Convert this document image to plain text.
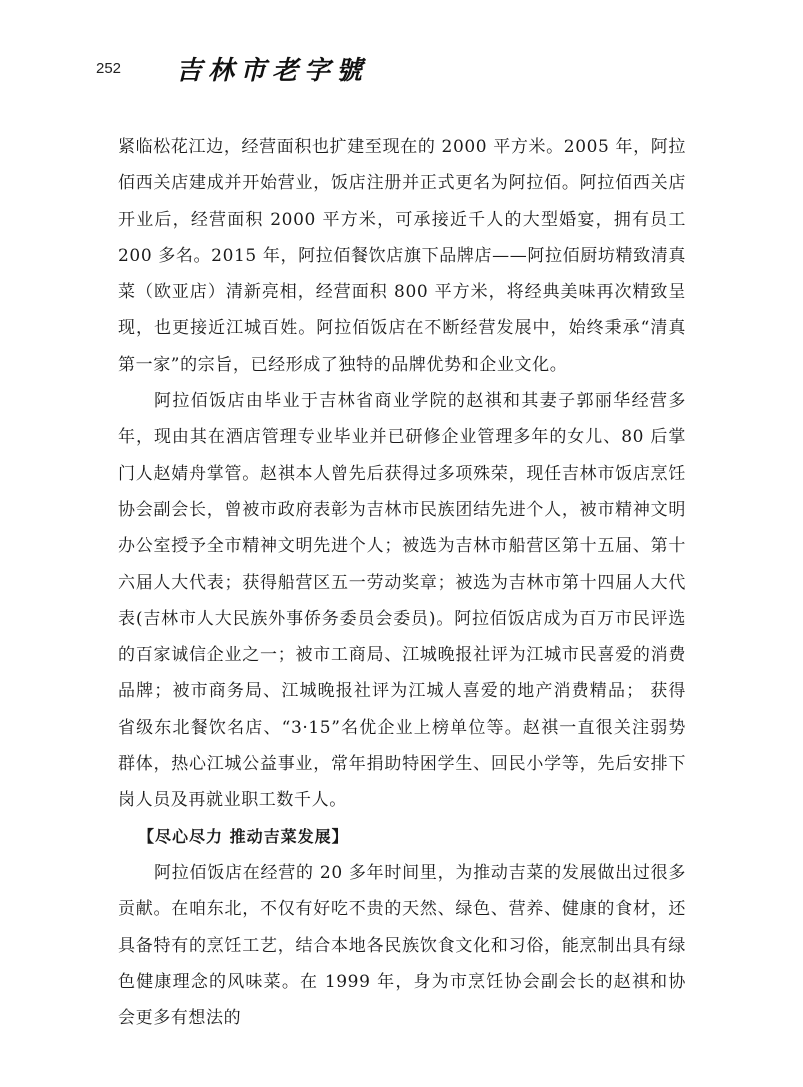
252 吉林市老字號

紧临松花江边，经营面积也扩建至现在的 2000 平方米。2005 年，阿拉佰西关店建成并开始营业，饭店注册并正式更名为阿拉佰。阿拉佰西关店开业后，经营面积 2000 平方米，可承接近千人的大型婚宴，拥有员工 200 多名。2015 年，阿拉佰餐饮店旗下品牌店——阿拉佰厨坊精致清真菜（欧亚店）清新亮相，经营面积 800 平方米，将经典美味再次精致呈现，也更接近江城百姓。阿拉佰饭店在不断经营发展中，始终秉承“清真第一家”的宗旨，已经形成了独特的品牌优势和企业文化。

阿拉佰饭店由毕业于吉林省商业学院的赵祺和其妻子郭丽华经营多年，现由其在酒店管理专业毕业并已研修企业管理多年的女儿、80 后掌门人赵婧舟掌管。赵祺本人曾先后获得过多项殊荣，现任吉林市饭店烹饪协会副会长，曾被市政府表彰为吉林市民族团结先进个人，被市精神文明办公室授予全市精神文明先进个人；被选为吉林市船营区第十五届、第十六届人大代表；获得船营区五一劳动奖章；被选为吉林市第十四届人大代表(吉林市人大民族外事侨务委员会委员)。阿拉佰饭店成为百万市民评选的百家诚信企业之一；被市工商局、江城晚报社评为江城市民喜爱的消费品牌；被市商务局、江城晚报社评为江城人喜爱的地产消费精品； 获得省级东北餐饮名店、“3·15”名优企业上榜单位等。赵祺一直很关注弱势群体，热心江城公益事业，常年捐助特困学生、回民小学等，先后安排下岗人员及再就业职工数千人。

【尽心尽力 推动吉菜发展】

阿拉佰饭店在经营的 20 多年时间里，为推动吉菜的发展做出过很多贡献。在咱东北，不仅有好吃不贵的天然、绿色、营养、健康的食材，还具备特有的烹饪工艺，结合本地各民族饮食文化和习俗，能烹制出具有绿色健康理念的风味菜。在 1999 年，身为市烹饪协会副会长的赵祺和协会更多有想法的
